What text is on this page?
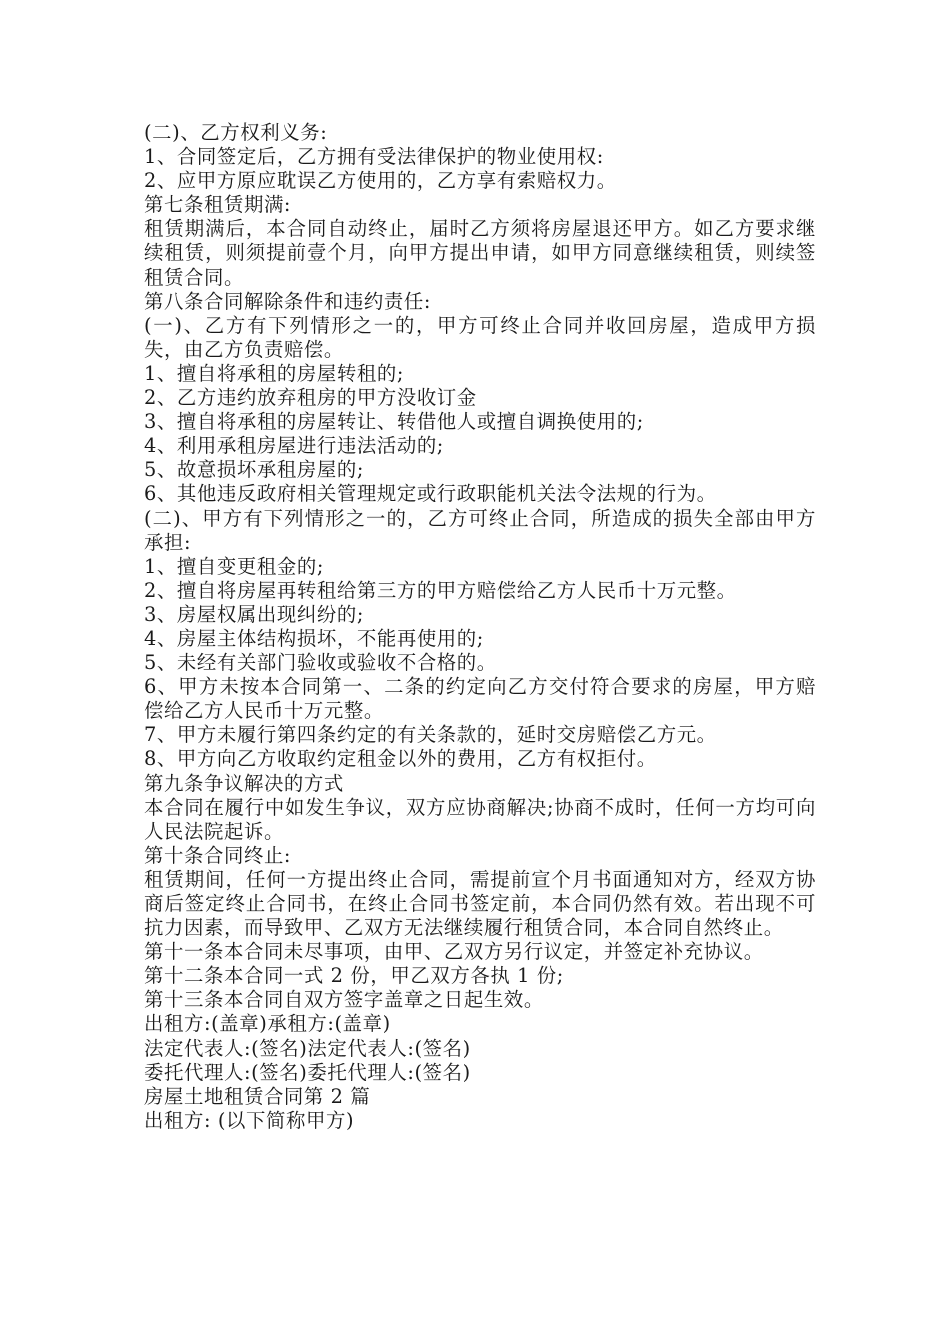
(二)、乙方权利义务:

1、合同签定后，乙方拥有受法律保护的物业使用权:

2、应甲方原应耽误乙方使用的，乙方享有索赔权力。

第七条租赁期满:

租赁期满后，本合同自动终止，届时乙方须将房屋退还甲方。如乙方要求继续租赁，则须提前壹个月，向甲方提出申请，如甲方同意继续租赁，则续签租赁合同。

第八条合同解除条件和违约责任:

(一)、乙方有下列情形之一的，甲方可终止合同并收回房屋，造成甲方损失，由乙方负责赔偿。

1、擅自将承租的房屋转租的;

2、乙方违约放弃租房的甲方没收订金

3、擅自将承租的房屋转让、转借他人或擅自调换使用的;

4、利用承租房屋进行违法活动的;

5、故意损坏承租房屋的;

6、其他违反政府相关管理规定或行政职能机关法令法规的行为。

(二)、甲方有下列情形之一的，乙方可终止合同，所造成的损失全部由甲方承担:

1、擅自变更租金的;

2、擅自将房屋再转租给第三方的甲方赔偿给乙方人民币十万元整。

3、房屋权属出现纠纷的;

4、房屋主体结构损坏，不能再使用的;

5、未经有关部门验收或验收不合格的。

6、甲方未按本合同第一、二条的约定向乙方交付符合要求的房屋，甲方赔偿给乙方人民币十万元整。

7、甲方未履行第四条约定的有关条款的，延时交房赔偿乙方元。

8、甲方向乙方收取约定租金以外的费用，乙方有权拒付。

第九条争议解决的方式

本合同在履行中如发生争议，双方应协商解决;协商不成时，任何一方均可向人民法院起诉。

第十条合同终止:

租赁期间，任何一方提出终止合同，需提前宣个月书面通知对方，经双方协商后签定终止合同书，在终止合同书签定前，本合同仍然有效。若出现不可抗力因素，而导致甲、乙双方无法继续履行租赁合同，本合同自然终止。

第十一条本合同未尽事项，由甲、乙双方另行议定，并签定补充协议。

第十二条本合同一式 2 份，甲乙双方各执 1 份;

第十三条本合同自双方签字盖章之日起生效。

出租方:(盖章)承租方:(盖章)

法定代表人:(签名)法定代表人:(签名)

委托代理人:(签名)委托代理人:(签名)

房屋土地租赁合同第 2 篇

出租方: (以下简称甲方)
